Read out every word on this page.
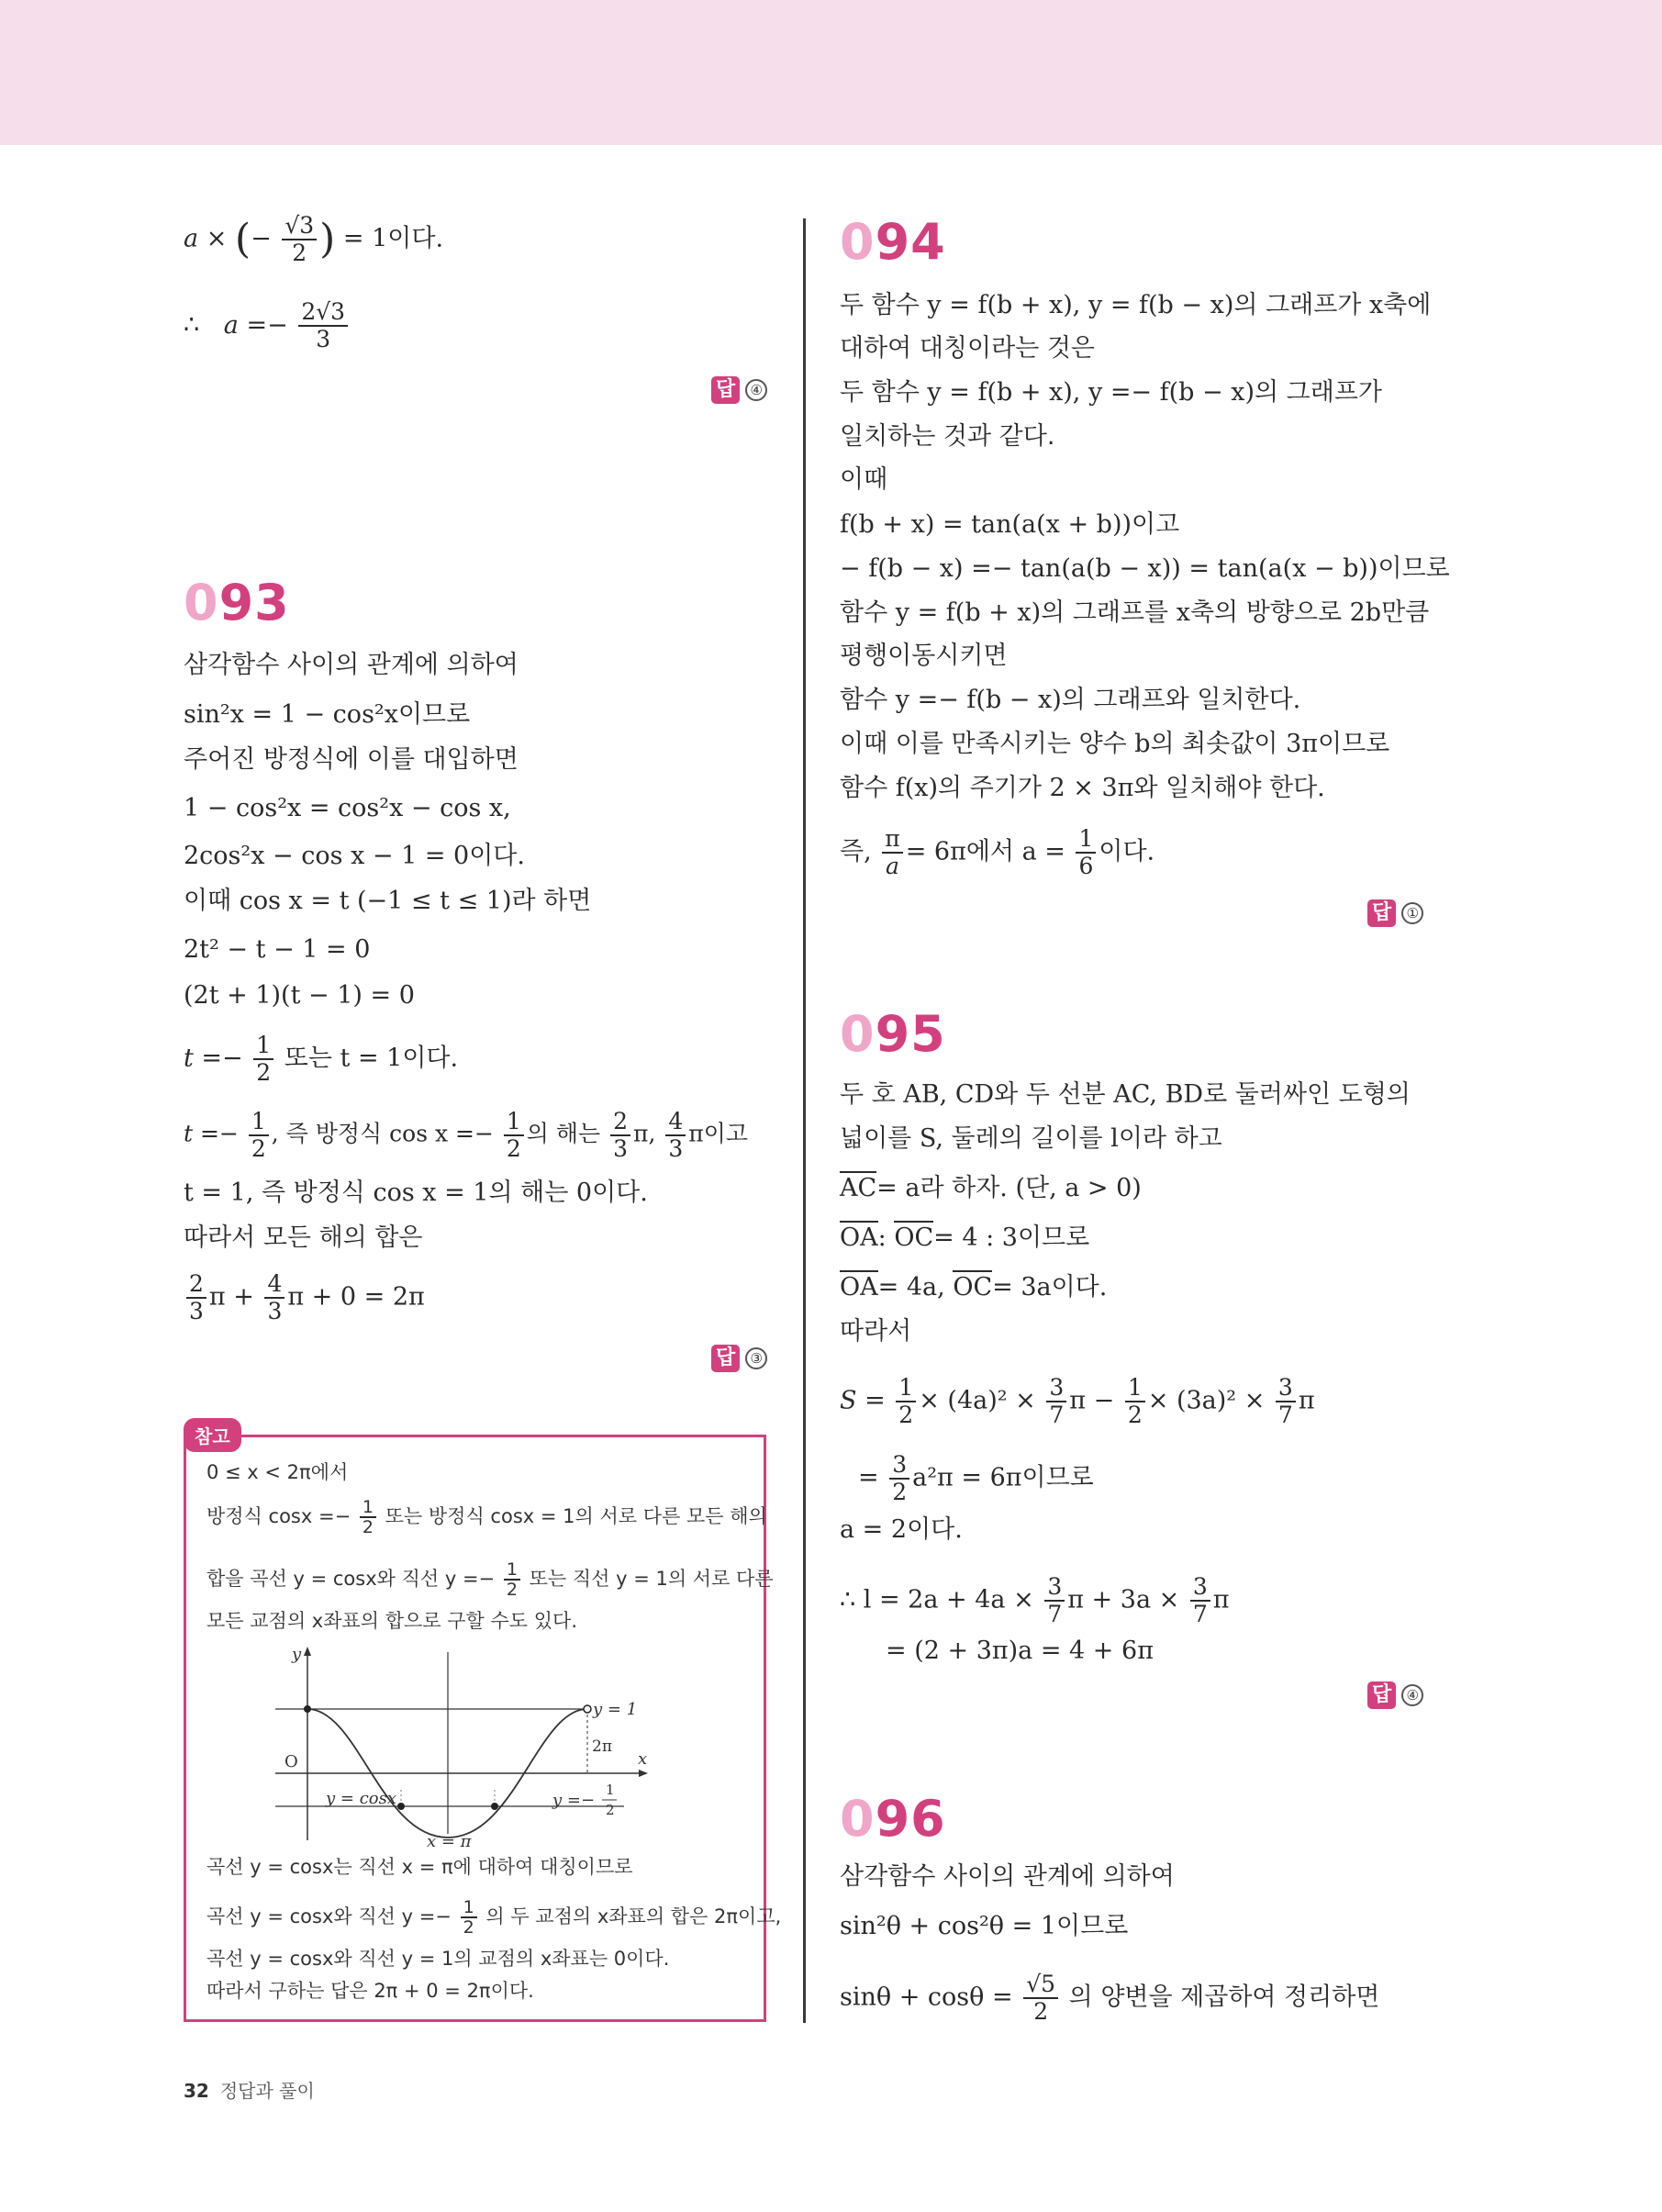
a × (− $\frac{√3}{2}$ ) = 1이다.
∴ $a =- \frac{2√3}{3}$
답	④
093
삼각함수 사이의 관계에 의하여
sin²x = 1 − cos²x이므로
주어진 방정식에 이를 대입하면
1 − cos²x = cos²x − cos x,
2cos²x − cos x − 1 = 0이다.
이때 cos x = t (−1 ≤ t ≤ 1)라 하면
2t² − t − 1 = 0
(2t + 1)(t − 1) = 0
$t =- \frac{1}{2}$ 또는 t = 1이다.
$t =- \frac{1}{2}$ , 즉 방정식 $\cos x =- \frac{1}{2}$ 의 해는 $\frac{2}{3} \pi$, $\frac{4}{3}$ π이고
t = 1, 즉 방정식 cos x = 1의 해는 0이다.
따라서 모든 해의 합은
$\frac{2}{3}$ $\pi + \frac{4}{3}$ π + 0 = 2π
답	③
참고
0 ≤ x < 2π에서
방정식 $\cos x =- \frac{1}{2}$ 또는 방정식 cosx = 1의 서로 다른 모든 해의
합을 곡선 y = cosx와 직선 $y =- \frac{1}{2}$ 또는 직선 y = 1의 서로 다른
모든 교점의 x좌표의 합으로 구할 수도 있다.
y
O	x
y = 1
2π
y = cosx	y =−
1
2
x = π
곡선 y = cosx는 직선 x = π에 대하여 대칭이므로
곡선 y = cosx와 직선 $y =- \frac{1}{2}$ 의 두 교점의 x좌표의 합은 2π이고,
곡선 y = cosx와 직선 y = 1의 교점의 x좌표는 0이다.
따라서 구하는 답은 2π + 0 = 2π이다.
094
두 함수 y = f(b + x), y = f(b − x)의 그래프가 x축에
대하여 대칭이라는 것은
두 함수 y = f(b + x), y =− f(b − x)의 그래프가
일치하는 것과 같다.
이때
f(b + x) = tan(a(x + b))이고
− f(b − x) =− tan(a(b − x)) = tan(a(x − b))이므로
함수 y = f(b + x)의 그래프를 x축의 방향으로 2b만큼
평행이동시키면
함수 y =− f(b − x)의 그래프와 일치한다.
이때 이를 만족시키는 양수 b의 최솟값이 3π이므로
함수 f(x)의 주기가 2 × 3π와 일치해야 한다.
즉, $\frac{\pi}{a} = 6\pi$에서 $a = \frac{1}{6}$ 이다.
답	①
095
두 호 AB, CD와 두 선분 AC, BD로 둘러싸인 도형의
넓이를 S, 둘레의 길이를 l이라 하고
AC= a라 하자. (단, a > 0)
OA: OC= 4 : 3이므로
OA= 4a, OC= 3a이다.
따라서
$S = \frac{1}{2} \times (4a)^2 \times \frac{3}{7}$ $\pi - \frac{1}{2} \times (3a)^2 \times \frac{3}{7}$ π
= $\frac{3}{2} a^2\pi = 6\pi$이므로
a = 2이다.
∴ $l = 2a + 4a \times \frac{3}{7}$ $\pi + 3a \times \frac{3}{7}$ π
= (2 + 3π)a = 4 + 6π
답	④
096
삼각함수 사이의 관계에 의하여
sin²θ + cos²θ = 1이므로
$\sin\theta + \cos\theta = \frac{√5}{2}$ 의 양변을 제곱하여 정리하면
32 정답과 풀이
